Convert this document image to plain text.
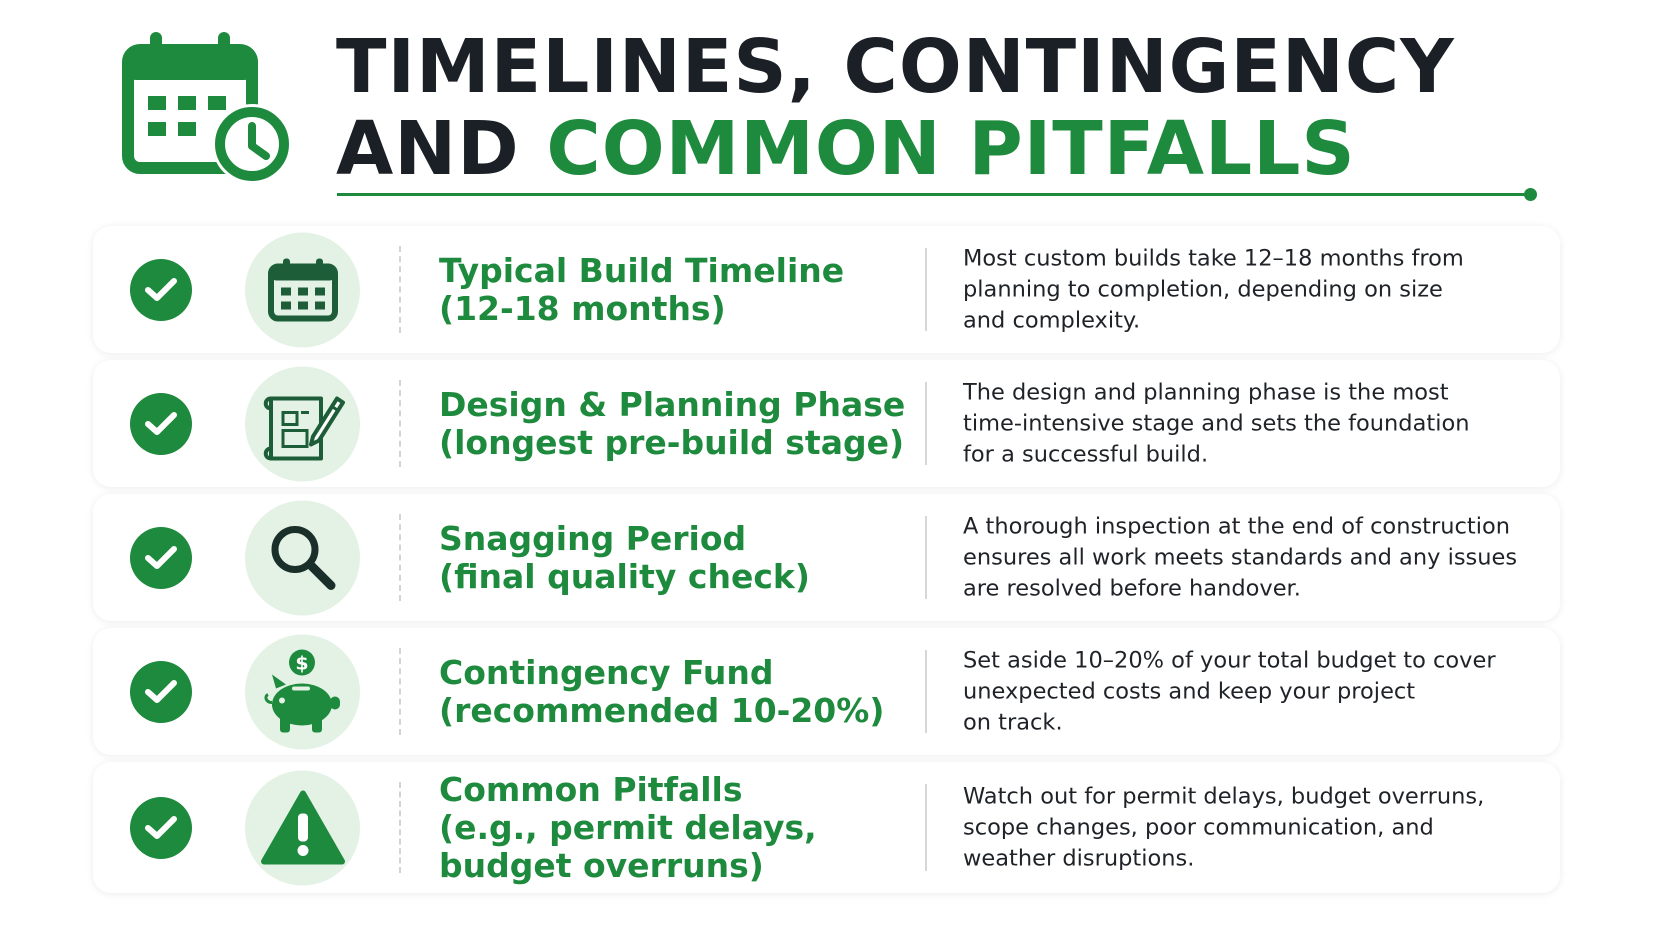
TIMELINES, CONTINGENCY
AND COMMON PITFALLS
Typical Build Timeline
(12-18 months)
Most custom builds take 12–18 months from
planning to completion, depending on size
and complexity.
Design & Planning Phase
(longest pre-build stage)
The design and planning phase is the most
time-intensive stage and sets the foundation
for a successful build.
Snagging Period
(final quality check)
A thorough inspection at the end of construction
ensures all work meets standards and any issues
are resolved before handover.
$	Contingency Fund
(recommended 10-20%)
Set aside 10–20% of your total budget to cover
unexpected costs and keep your project
on track.
Common Pitfalls
(e.g., permit delays,
budget overruns)
Watch out for permit delays, budget overruns,
scope changes, poor communication, and
weather disruptions.
